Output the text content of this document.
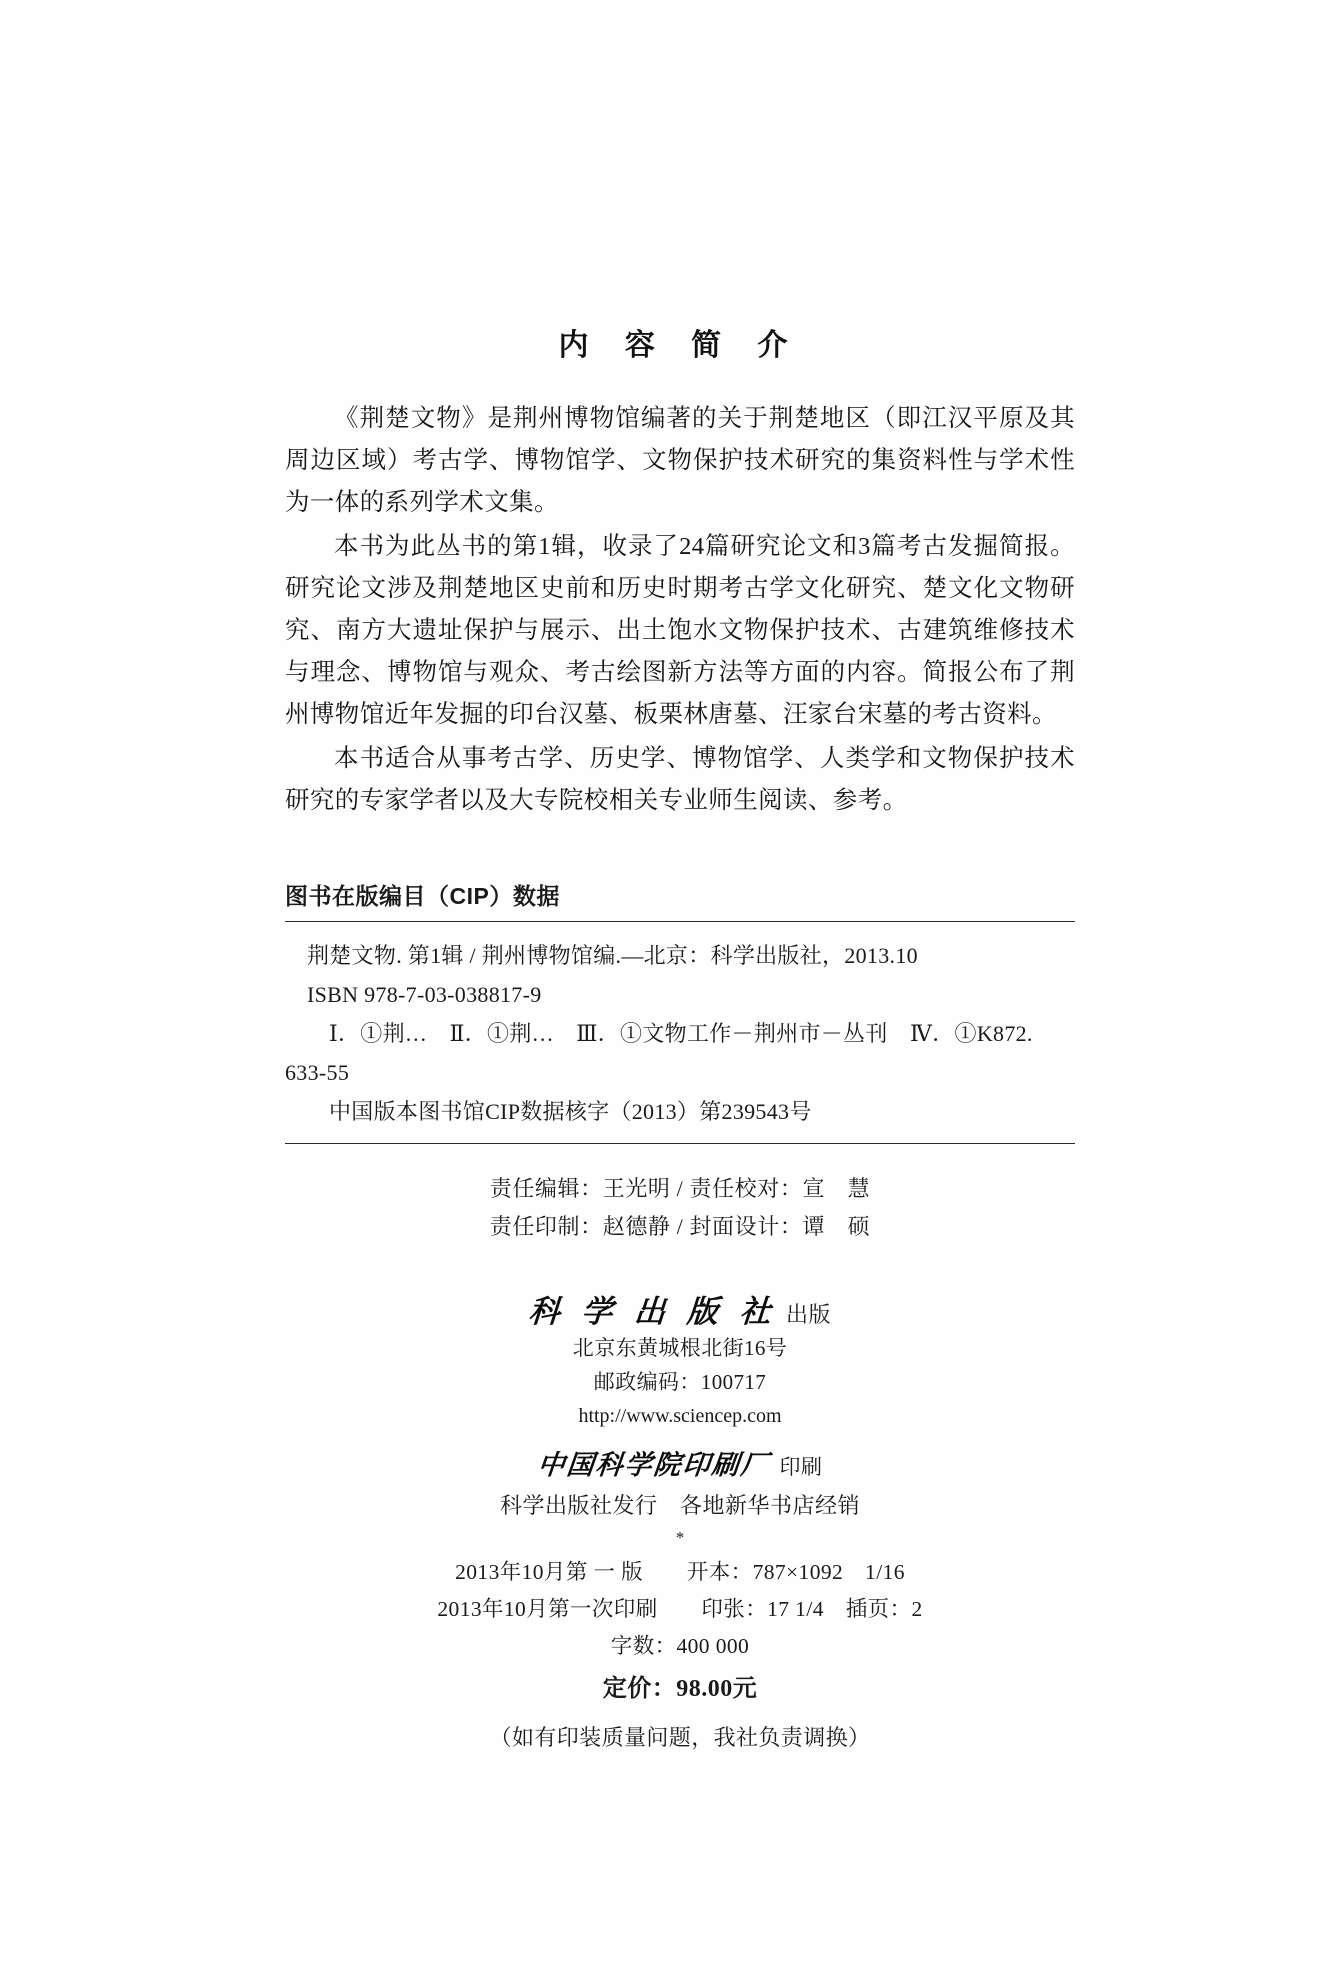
内 容 简 介

《荆楚文物》是荆州博物馆编著的关于荆楚地区（即江汉平原及其周边区域）考古学、博物馆学、文物保护技术研究的集资料性与学术性为一体的系列学术文集。

本书为此丛书的第1辑，收录了24篇研究论文和3篇考古发掘简报。研究论文涉及荆楚地区史前和历史时期考古学文化研究、楚文化文物研究、南方大遗址保护与展示、出土饱水文物保护技术、古建筑维修技术与理念、博物馆与观众、考古绘图新方法等方面的内容。简报公布了荆州博物馆近年发掘的印台汉墓、板栗林唐墓、汪家台宋墓的考古资料。

本书适合从事考古学、历史学、博物馆学、人类学和文物保护技术研究的专家学者以及大专院校相关专业师生阅读、参考。

图书在版编目（CIP）数据

荆楚文物. 第1辑 / 荆州博物馆编.—北京：科学出版社，2013.10

ISBN 978-7-03-038817-9

Ⅰ．①荆…　Ⅱ．①荆…　Ⅲ．①文物工作－荆州市－丛刊　Ⅳ．①K872.

633-55

中国版本图书馆CIP数据核字（2013）第239543号

责任编辑：王光明 / 责任校对：宣　慧
责任印制：赵德静 / 封面设计：谭　硕
科 学 出 版 社 出版
北京东黄城根北街16号
邮政编码：100717
http://www.sciencep.com
中国科学院印刷厂 印刷
科学出版社发行　各地新华书店经销
*
2013年10月第 一 版　　开本：787×1092　1/16
2013年10月第一次印刷　　印张：17 1/4　插页：2
字数：400 000
定价：98.00元
（如有印装质量问题，我社负责调换）
